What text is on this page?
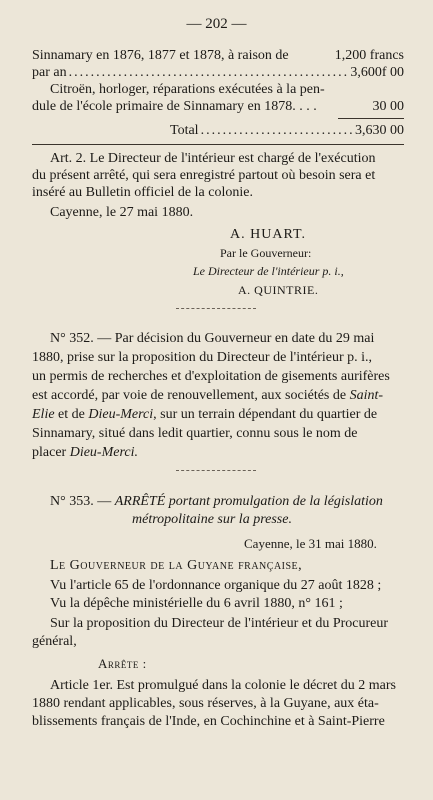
— 202 —
Sinnamary en 1876, 1877 et 1878, à raison de	1,200 francs
par an .....	3,600f 00
Citroën, horloger, réparations exécutées à la pen-
dule de l'école primaire de Sinnamary en 1878. . . .	30 00
Total .....	3,630 00
Art. 2. Le Directeur de l'intérieur est chargé de l'exécution
du présent arrêté, qui sera enregistré partout où besoin sera et
inséré au Bulletin officiel de la colonie.
Cayenne, le 27 mai 1880.
A. HUART.
Par le Gouverneur:
Le Directeur de l'intérieur p. i.,
A. QUINTRIE.
N° 352. — Par décision du Gouverneur en date du 29 mai
1880, prise sur la proposition du Directeur de l'intérieur p. i.,
un permis de recherches et d'exploitation de gisements aurifères
est accordé, par voie de renouvellement, aux sociétés de Saint-
Elie et de Dieu-Merci, sur un terrain dépendant du quartier de
Sinnamary, situé dans ledit quartier, connu sous le nom de
placer Dieu-Merci.
N° 353. — ARRÊTÉ portant promulgation de la législation
métropolitaine sur la presse.
Cayenne, le 31 mai 1880.
Le Gouverneur de la Guyane française,
Vu l'article 65 de l'ordonnance organique du 27 août 1828 ;
Vu la dépêche ministérielle du 6 avril 1880, n° 161 ;
Sur la proposition du Directeur de l'intérieur et du Procureur
général,
Arrête :
Article 1er. Est promulgué dans la colonie le décret du 2 mars
1880 rendant applicables, sous réserves, à la Guyane, aux éta-
blissements français de l'Inde, en Cochinchine et à Saint-Pierre
